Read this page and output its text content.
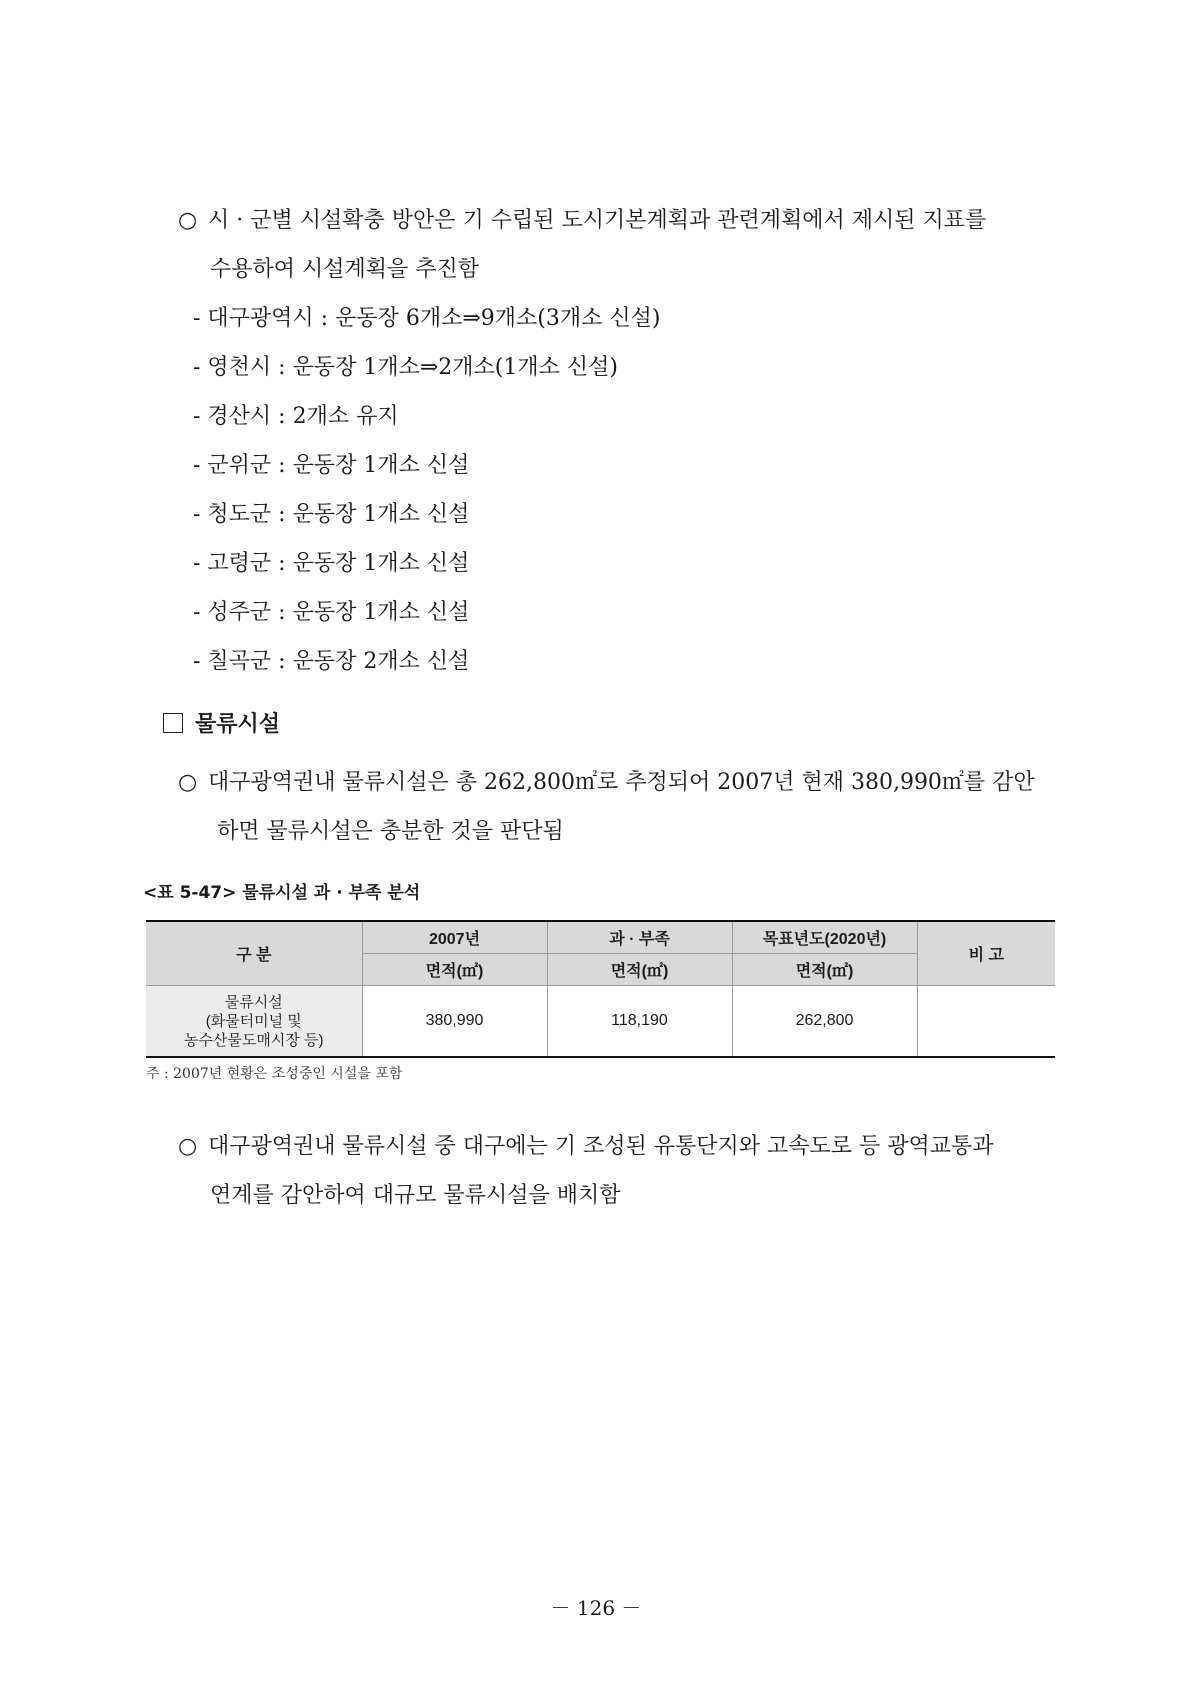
○ 시 · 군별 시설확충 방안은 기 수립된 도시기본계획과 관련계획에서 제시된 지표를
수용하여 시설계획을 추진함
- 대구광역시 : 운동장 6개소⇒9개소(3개소 신설)
- 영천시 : 운동장 1개소⇒2개소(1개소 신설)
- 경산시 : 2개소 유지
- 군위군 : 운동장 1개소 신설
- 청도군 : 운동장 1개소 신설
- 고령군 : 운동장 1개소 신설
- 성주군 : 운동장 1개소 신설
- 칠곡군 : 운동장 2개소 신설
물류시설
○ 대구광역권내 물류시설은 총 262,800㎡로 추정되어 2007년 현재 380,990㎡를 감안
하면 물류시설은 충분한 것을 판단됨
<표 5-47> 물류시설 과 · 부족 분석
구 분	2007년	과 · 부족	목표년도(2020년)	비 고
	면적(㎡)	면적(㎡)	면적(㎡)	

물류시설
(화물터미널 및
농수산물도매시장 등)	380,990	118,190	262,800	
주 : 2007년 현황은 조성중인 시설을 포함
○ 대구광역권내 물류시설 중 대구에는 기 조성된 유통단지와 고속도로 등 광역교통과
연계를 감안하여 대규모 물류시설을 배치함
－ 126 －
